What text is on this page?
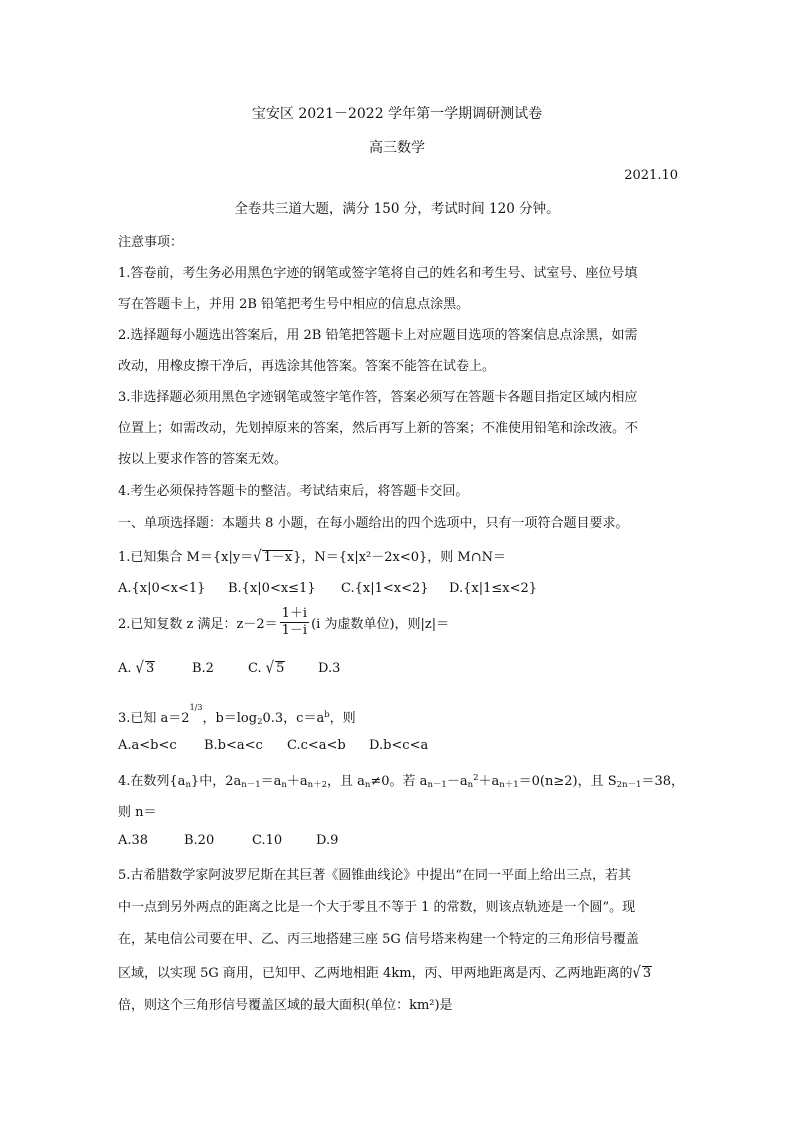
宝安区 2021－2022 学年第一学期调研测试卷
高三数学
2021.10
全卷共三道大题，满分 150 分，考试时间 120 分钟。
注意事项：
1.答卷前，考生务必用黑色字迹的钢笔或签字笔将自己的姓名和考生号、试室号、座位号填
写在答题卡上，并用 2B 铅笔把考生号中相应的信息点涂黑。
2.选择题每小题选出答案后，用 2B 铅笔把答题卡上对应题目选项的答案信息点涂黑，如需
改动，用橡皮擦干净后，再选涂其他答案。答案不能答在试卷上。
3.非选择题必须用黑色字迹钢笔或签字笔作答，答案必须写在答题卡各题目指定区域内相应
位置上；如需改动，先划掉原来的答案，然后再写上新的答案；不准使用铅笔和涂改液。不
按以上要求作答的答案无效。
4.考生必须保持答题卡的整洁。考试结束后，将答题卡交回。
一、单项选择题：本题共 8 小题，在每小题给出的四个选项中，只有一项符合题目要求。
1.已知集合 M＝{x|y＝√ 1－x}，N＝{x|x²－2x<0}，则 M∩N＝
A.{x|0<x<1} B.{x|0<x≤1} C.{x|1<x<2} D.{x|1≤x<2}
2.已知复数 z 满足：$z-2= \frac{1+i}{1-i} (i$ 为虚数单位)，则|z|＝
A. √ 3	B.2	C. √ 5	D.3
3.已知 $a=2^{1/3}$，b＝log20.3，$c=a^b$，则
A.a<b<c B.b<a<c C.c<a<b D.b<c<a
4.在数列{an}中，2an－1＝an＋an＋2，且 an≠0。若 $an-1-an^2+an+1=0(n\ge 2)$，且 S2n－1＝38，
则 n＝
A.38	B.20	C.10	D.9
5.古希腊数学家阿波罗尼斯在其巨著《圆锥曲线论》中提出“在同一平面上给出三点，若其
中一点到另外两点的距离之比是一个大于零且不等于 1 的常数，则该点轨迹是一个圆”。现
在，某电信公司要在甲、乙、丙三地搭建三座 5G 信号塔来构建一个特定的三角形信号覆盖
区域，以实现 5G 商用，已知甲、乙两地相距 4km，丙、甲两地距离是丙、乙两地距离的√ 3
倍，则这个三角形信号覆盖区域的最大面积(单位：km²)是
